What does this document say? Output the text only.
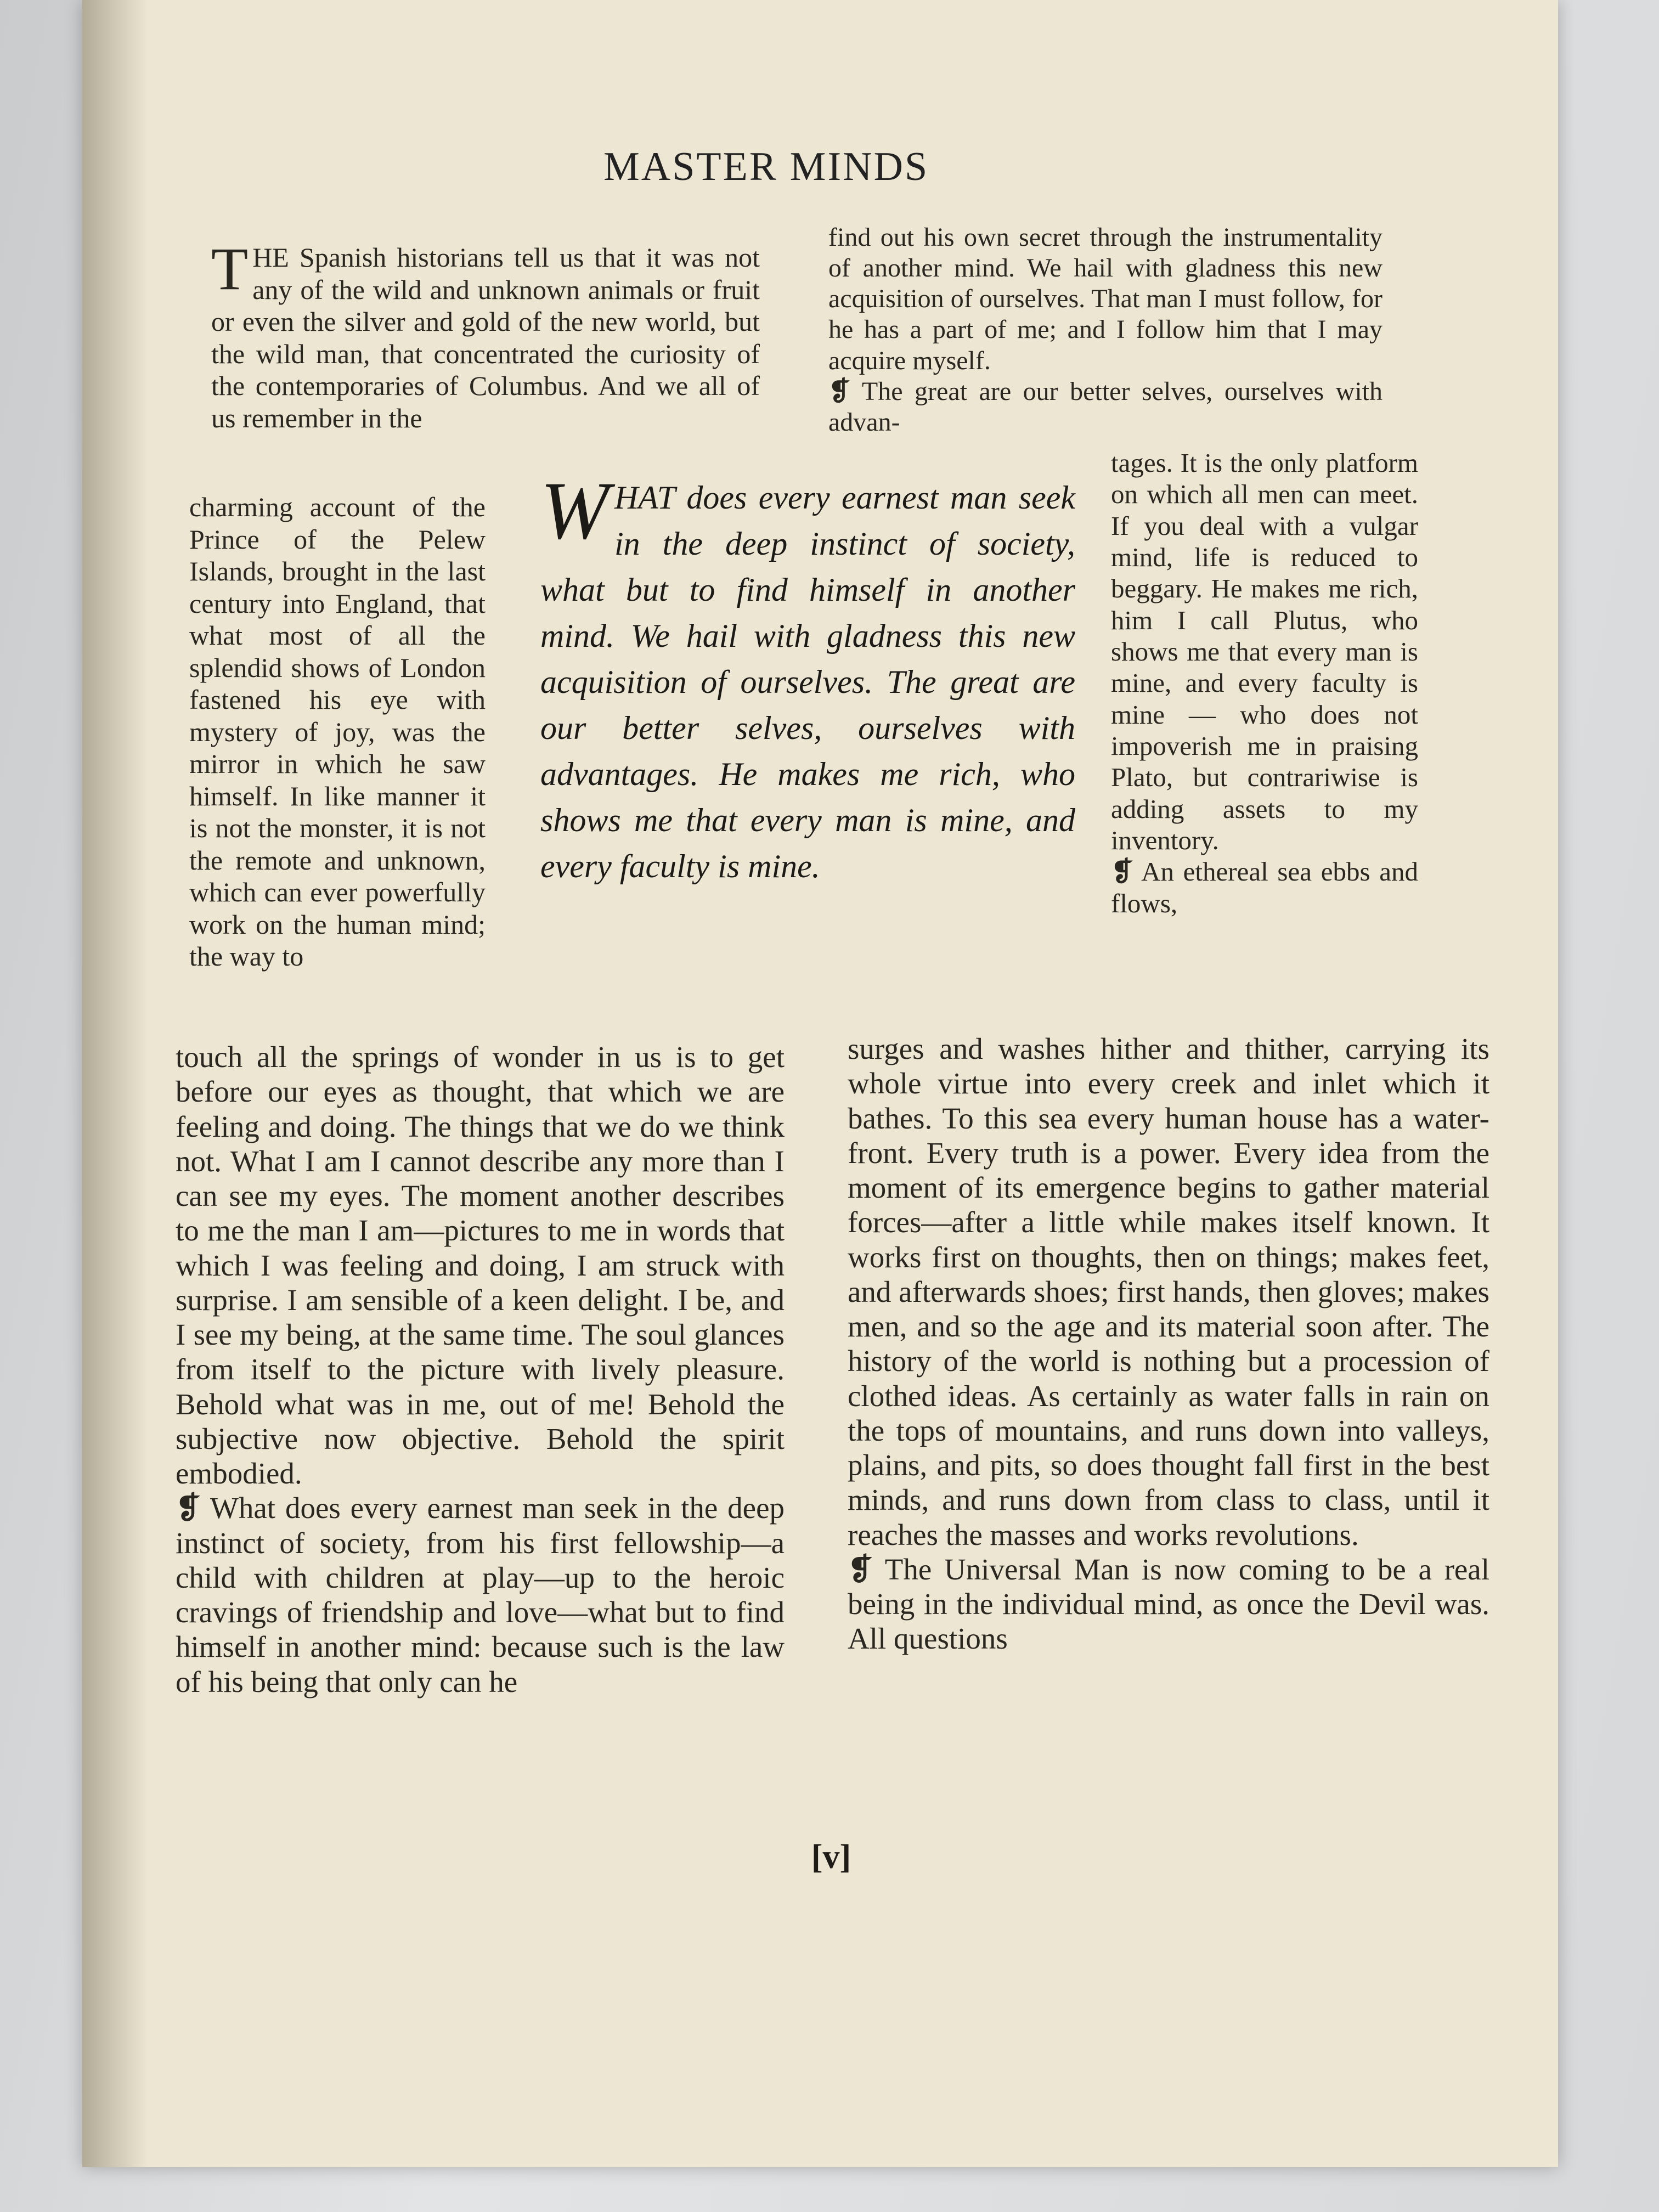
MASTER MINDS

THE Spanish historians tell us that it was not any of the wild and unknown animals or fruit or even the silver and gold of the new world, but the wild man, that concentrated the curiosity of the contemporaries of Columbus. And we all of us remember in the

find out his own secret through the instrumentality of another mind. We hail with gladness this new acquisition of ourselves. That man I must follow, for he has a part of me; and I follow him that I may acquire myself.

❡ The great are our better selves, ourselves with advan-

charming account of the Prince of the Pelew Islands, brought in the last century into England, that what most of all the splendid shows of London fastened his eye with mystery of joy, was the mirror in which he saw himself. In like manner it is not the monster, it is not the remote and unknown, which can ever powerfully work on the human mind; the way to

WHAT does every earnest man seek in the deep instinct of society, what but to find himself in another mind. We hail with gladness this new acquisition of ourselves. The great are our better selves, ourselves with advantages. He makes me rich, who shows me that every man is mine, and every faculty is mine.

tages. It is the only platform on which all men can meet. If you deal with a vulgar mind, life is reduced to beggary. He makes me rich, him I call Plutus, who shows me that every man is mine, and every faculty is mine — who does not impoverish me in praising Plato, but contrariwise is adding assets to my inventory.

❡ An ethereal sea ebbs and flows,

touch all the springs of wonder in us is to get before our eyes as thought, that which we are feeling and doing. The things that we do we think not. What I am I cannot describe any more than I can see my eyes. The moment another describes to me the man I am—pictures to me in words that which I was feeling and doing, I am struck with surprise. I am sensible of a keen delight. I be, and I see my being, at the same time. The soul glances from itself to the picture with lively pleasure. Behold what was in me, out of me! Behold the subjective now objective. Behold the spirit embodied.

❡ What does every earnest man seek in the deep instinct of society, from his first fellowship—a child with children at play—up to the heroic cravings of friendship and love—what but to find himself in another mind: because such is the law of his being that only can he

surges and washes hither and thither, carrying its whole virtue into every creek and inlet which it bathes. To this sea every human house has a water-front. Every truth is a power. Every idea from the moment of its emergence begins to gather material forces—after a little while makes itself known. It works first on thoughts, then on things; makes feet, and afterwards shoes; first hands, then gloves; makes men, and so the age and its material soon after. The history of the world is nothing but a procession of clothed ideas. As certainly as water falls in rain on the tops of mountains, and runs down into valleys, plains, and pits, so does thought fall first in the best minds, and runs down from class to class, until it reaches the masses and works revolutions.

❡ The Universal Man is now coming to be a real being in the individual mind, as once the Devil was. All questions

[v]
